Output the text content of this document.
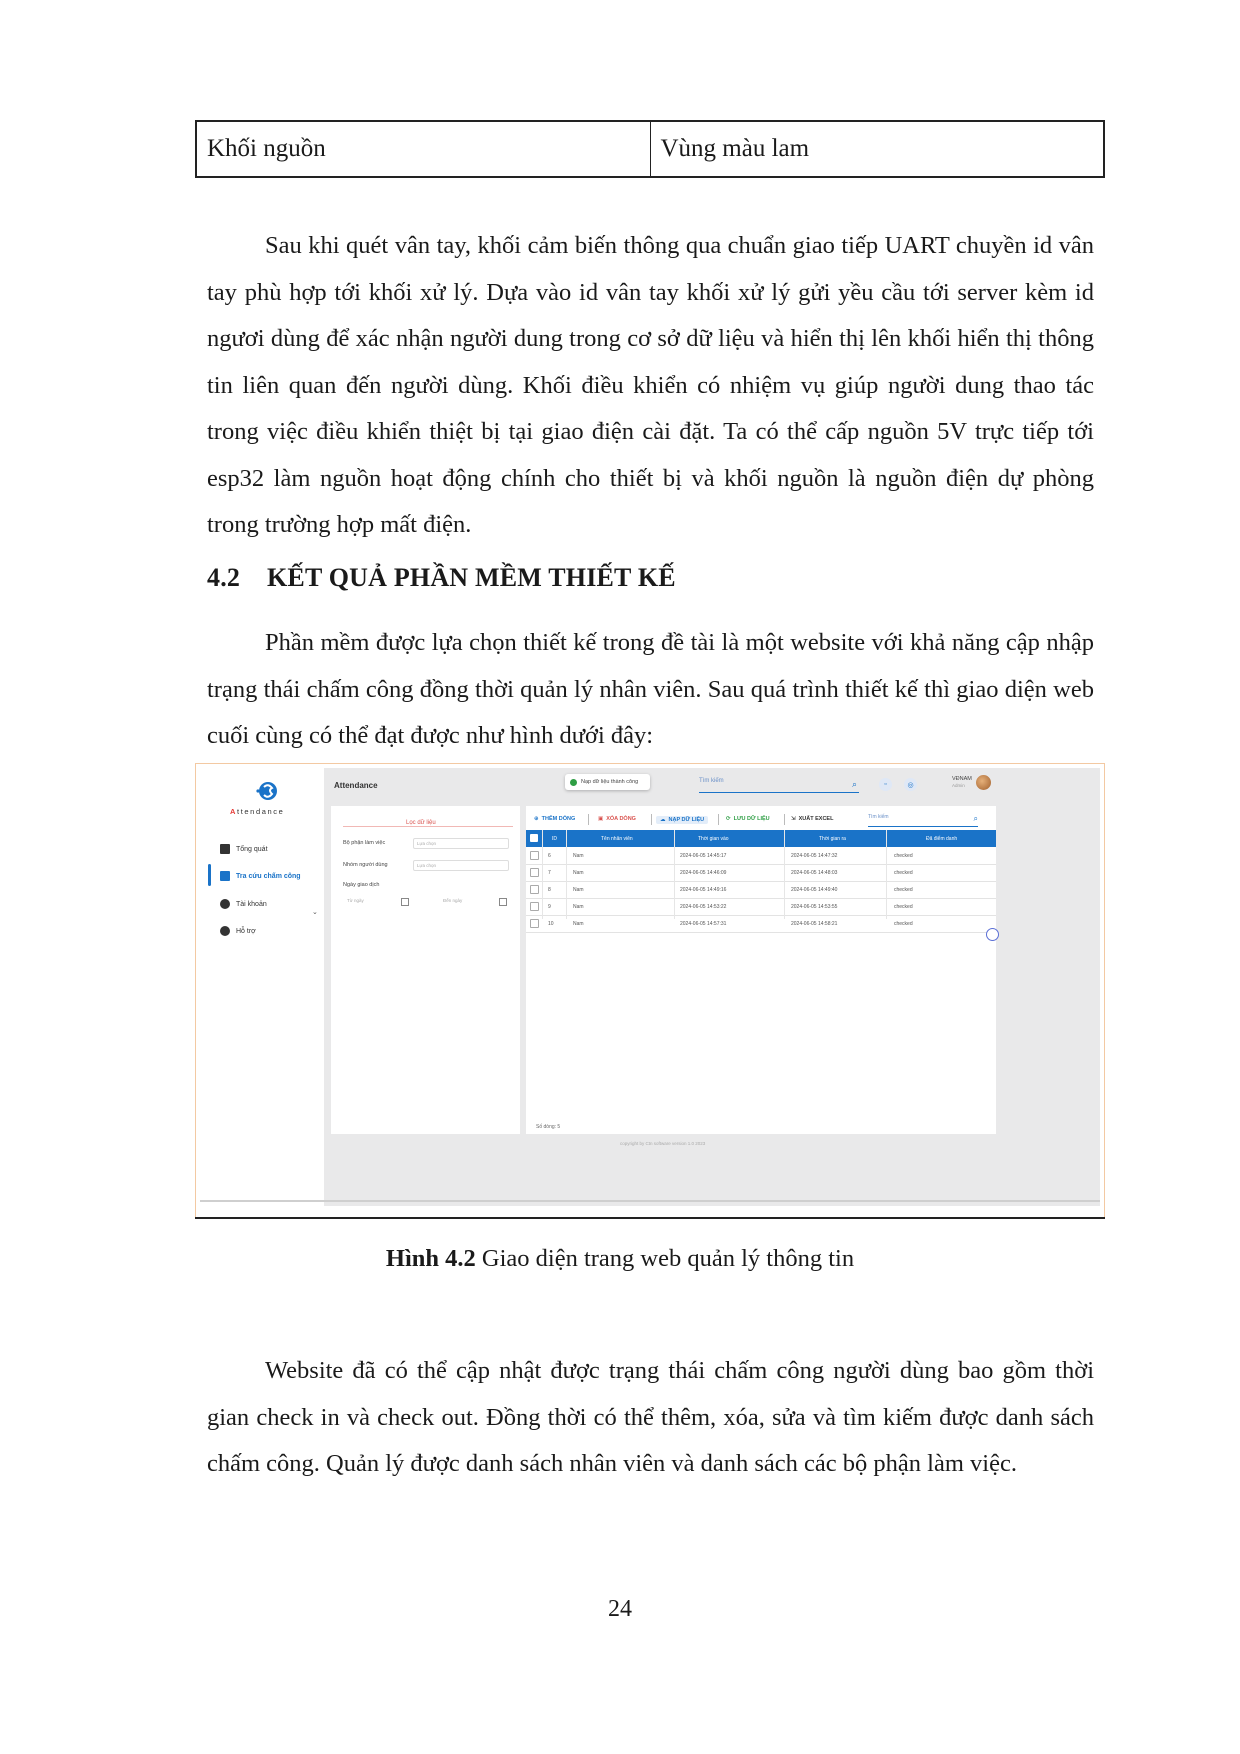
Khối nguồn	Vùng màu lam

Sau khi quét vân tay, khối cảm biến thông qua chuẩn giao tiếp UART chuyền id vân tay phù hợp tới khối xử lý. Dựa vào id vân tay khối xử lý gửi yều cầu tới server kèm id ngươi dùng để xác nhận người dung trong cơ sở dữ liệu và hiển thị lên khối hiển thị thông tin liên quan đến người dùng. Khối điều khiển có nhiệm vụ giúp người dung thao tác trong việc điều khiển thiệt bị tại giao điện cài đặt. Ta có thể cấp nguồn 5V trực tiếp tới esp32 làm nguồn hoạt động chính cho thiết bị và khối nguồn là nguồn điện dự phòng trong trường hợp mất điện.

4.2 KẾT QUẢ PHẦN MỀM THIẾT KẾ

Phần mềm được lựa chọn thiết kế trong đề tài là một website với khả năng cập nhập trạng thái chấm công đồng thời quản lý nhân viên. Sau quá trình thiết kế thì giao diện web cuối cùng có thể đạt được như hình dưới đây:

Attendance
Tổng quát
Tra cứu chấm công
Tài khoản
⌄
Hỗ trợ
Attendance	Nạp dữ liệu thành công	Tìm kiếm	⌕	▫	◎
VĐNAM
Admin
Lọc dữ liệu
Bộ phận làm việc	Lựa chọn
Nhóm người dùng	Lựa chọn
Ngày giao dịch
Từ ngày	Đến ngày
⊕ THÊM DÒNG	▣ XÓA DÒNG	☁ NẠP DỮ LIỆU	⟳ LƯU DỮ LIỆU	⇲ XUẤT EXCEL	Tìm kiếm	⌕
ID	Tên nhân viên	Thời gian vào	Thời gian ra	Đã điểm danh
6	Nam	2024-06-05 14:45:17	2024-06-05 14:47:32	checked
7	Nam	2024-06-05 14:46:09	2024-06-05 14:48:03	checked
8	Nam	2024-06-05 14:49:16	2024-06-05 14:49:40	checked
9	Nam	2024-06-05 14:53:22	2024-06-05 14:53:55	checked
10	Nam	2024-06-05 14:57:31	2024-06-05 14:58:21	checked
Số dòng: 5
copyright by Ctn software version 1.0 2023

Hình 4.2 Giao diện trang web quản lý thông tin

Website đã có thể cập nhật được trạng thái chấm công người dùng bao gồm thời gian check in và check out. Đồng thời có thể thêm, xóa, sửa và tìm kiếm được danh sách chấm công. Quản lý được danh sách nhân viên và danh sách các bộ phận làm việc.

24
